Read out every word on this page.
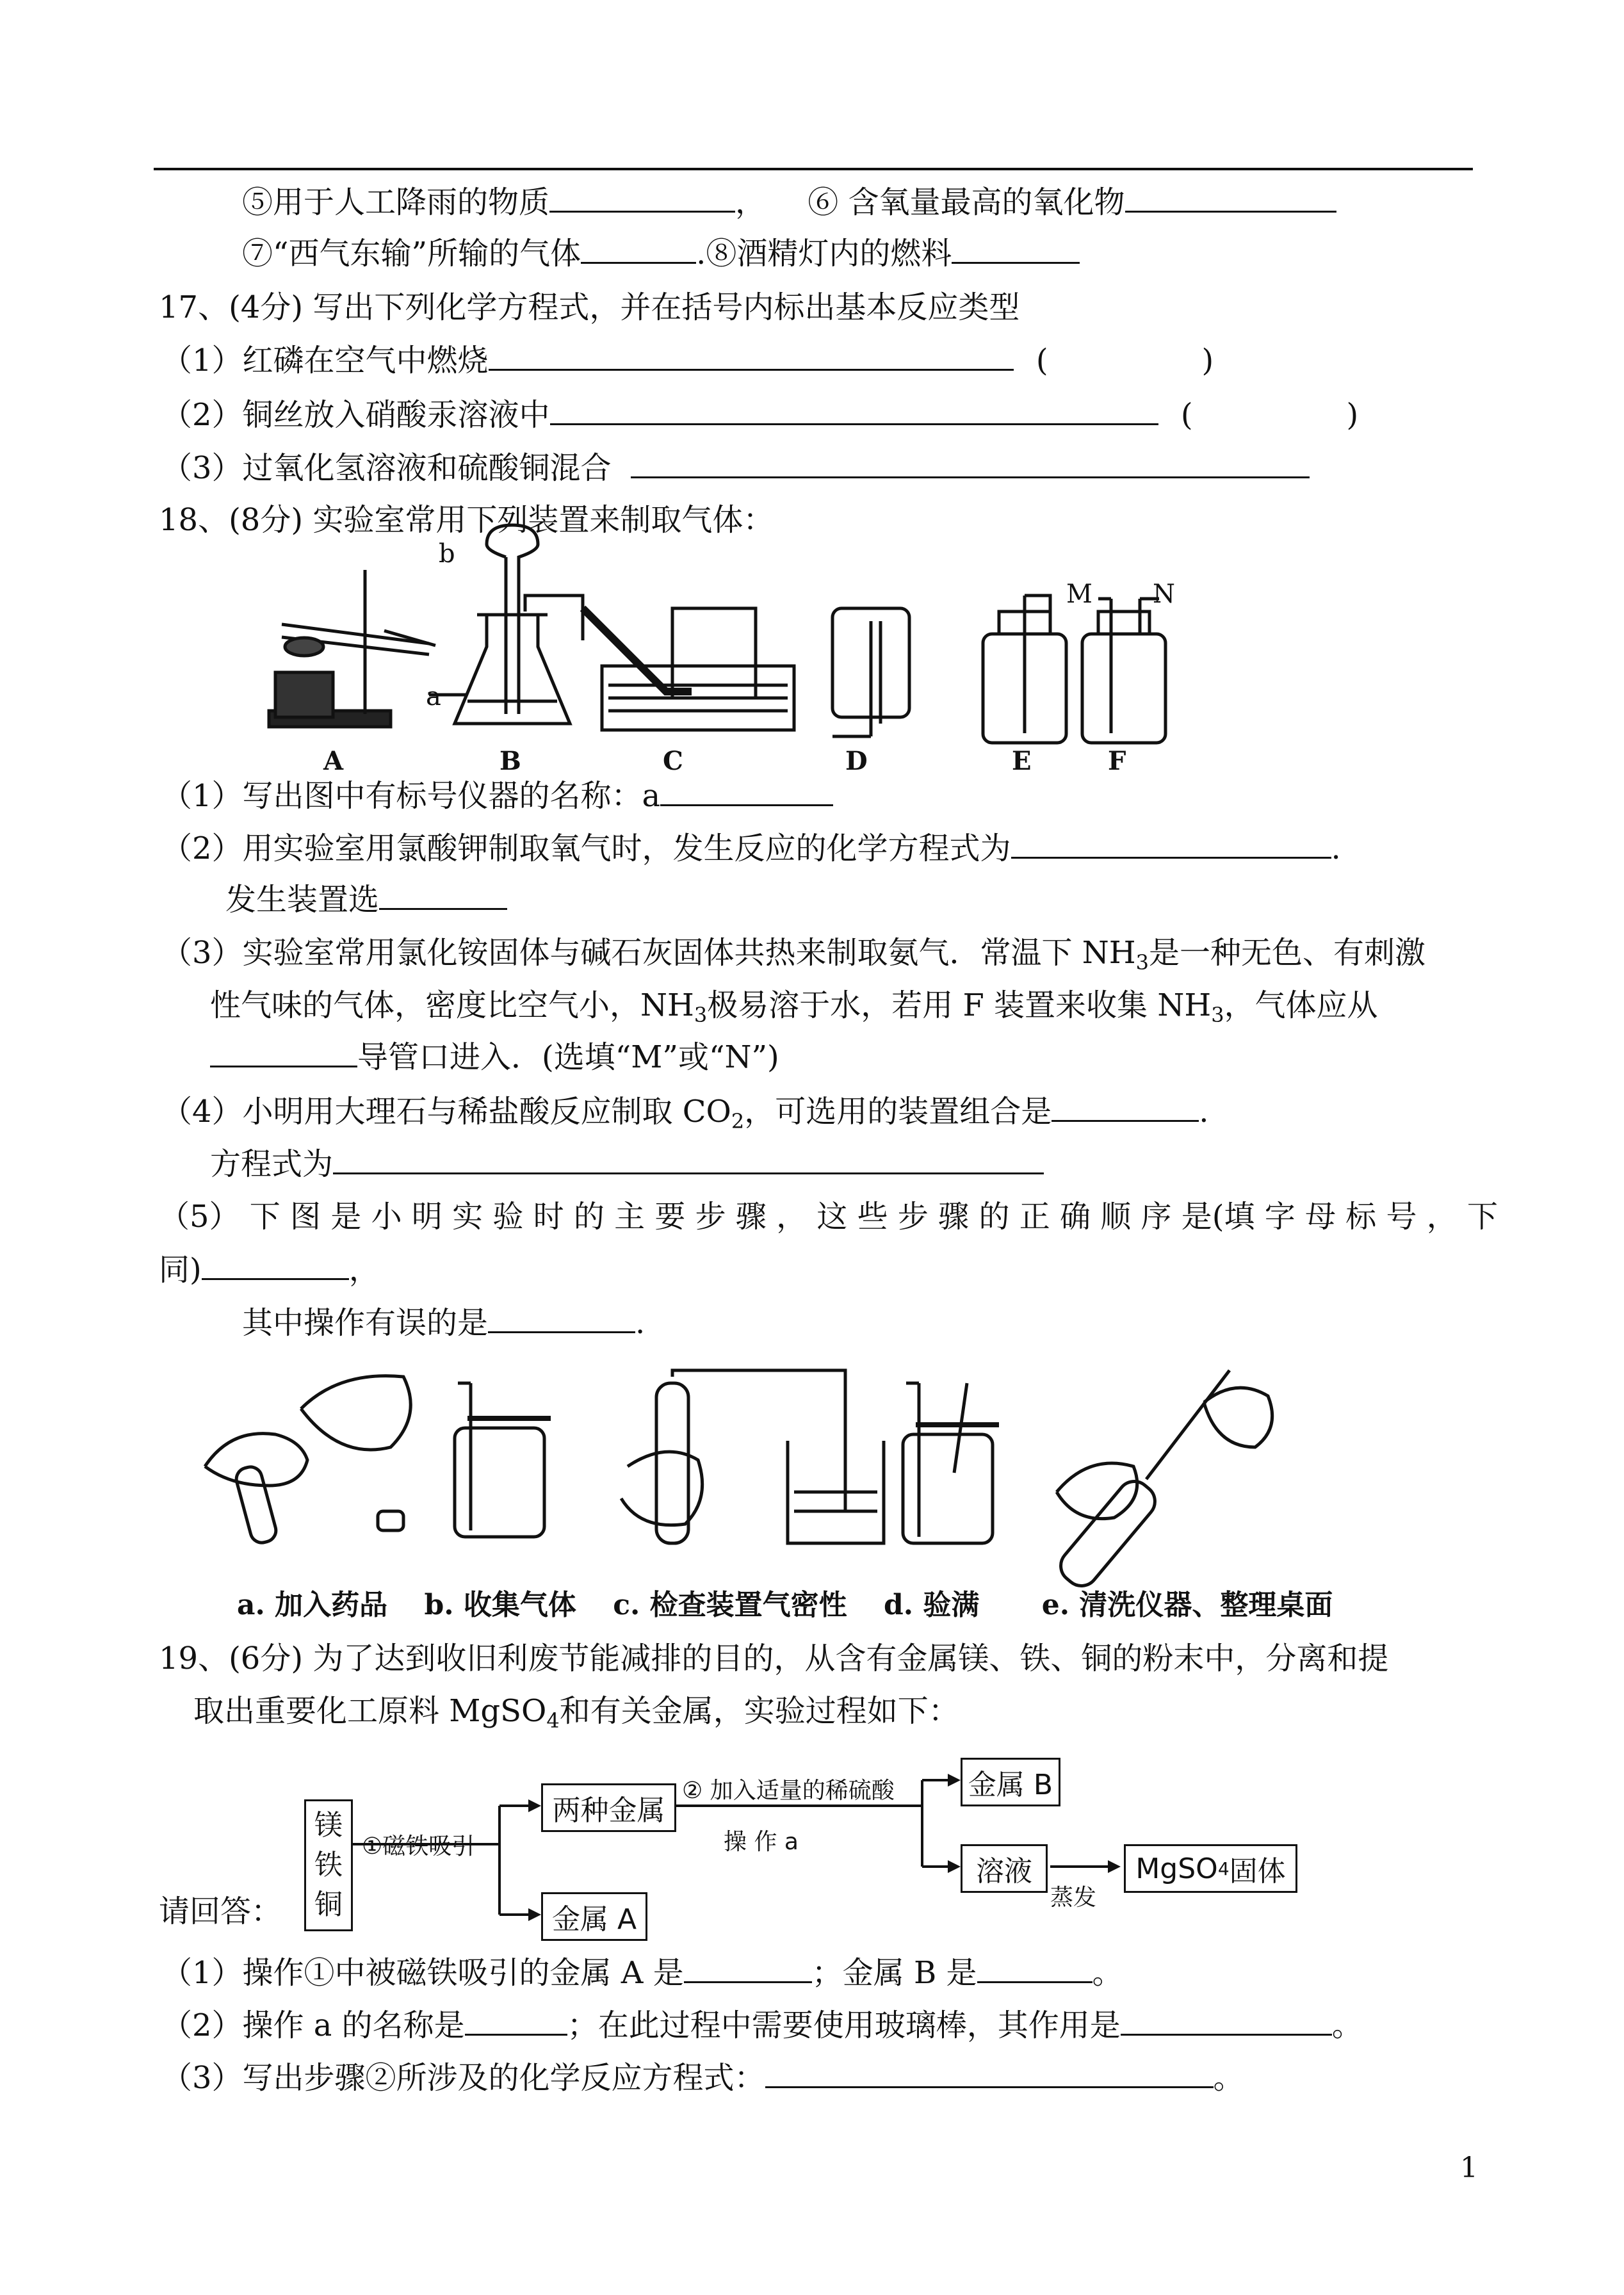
⑤用于人工降雨的物质	， ⑥ 含氧量最高的氧化物
⑦“西气东输”所输的气体	.⑧酒精灯内的燃料
17、(4分) 写出下列化学方程式，并在括号内标出基本反应类型
（1）红磷在空气中燃烧	(	)
（2）铜丝放入硝酸汞溶液中	(	)
（3）过氧化氢溶液和硫酸铜混合
18、(8分) 实验室常用下列装置来制取气体：
A	B	C	D	E	F
b
a
M N
（1）写出图中有标号仪器的名称：a
（2）用实验室用氯酸钾制取氧气时，发生反应的化学方程式为	.
发生装置选
（3）实验室常用氯化铵固体与碱石灰固体共热来制取氨气．常温下 $NH_3$是一种无色、有刺激
性气味的气体，密度比空气小，$NH_3$极易溶于水，若用 F 装置来收集 $NH_3$，气体应从
导管口进入．(选填“M”或“N”)
（4）小明用大理石与稀盐酸反应制取 $CO_2$，可选用的装置组合是	.
方程式为
（5） 下 图 是 小 明 实 验 时 的 主 要 步 骤 ， 这 些 步 骤 的 正 确 顺 序 是(填 字 母 标 号 ， 下
同)	，
其中操作有误的是	.
a. 加入药品 b. 收集气体 c. 检查装置气密性 d. 验满 e. 清洗仪器、整理桌面
19、(6分) 为了达到收旧利废节能减排的目的，从含有金属镁、铁、铜的粉末中，分离和提
取出重要化工原料 MgSO$_4$和有关金属，实验过程如下：
镁
铁
铜
①磁铁吸引
两种金属
金属 A
② 加入适量的稀硫酸
操 作 a
金属 B
溶液
蒸发
MgSO 4 固体
请回答：
（1）操作①中被磁铁吸引的金属 A 是	；金属 B 是	。
（2）操作 a 的名称是	；在此过程中需要使用玻璃棒，其作用是	。
（3）写出步骤②所涉及的化学反应方程式：	。
1
